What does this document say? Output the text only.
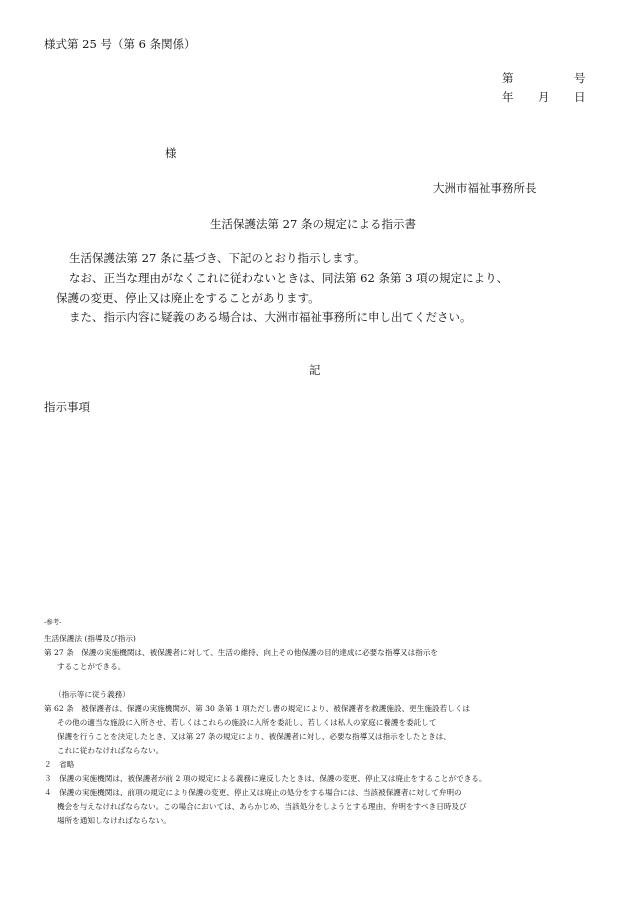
様式第 25 号（第 6 条関係）
第	号
年 月 日
様
大洲市福祉事務所長
生活保護法第 27 条の規定による指示書
生活保護法第 27 条に基づき、下記のとおり指示します。
なお、正当な理由がなくこれに従わないときは、同法第 62 条第 3 項の規定により、
保護の変更、停止又は廃止をすることがあります。
また、指示内容に疑義のある場合は、大洲市福祉事務所に申し出てください。
記
指示事項
-参考-
生活保護法 (指導及び指示)
第 27 条　保護の実施機関は、被保護者に対して、生活の維持、向上その他保護の目的達成に必要な指導又は指示を
することができる。
（指示等に従う義務）
第 62 条　被保護者は、保護の実施機関が、第 30 条第 1 項ただし書の規定により、被保護者を救護施設、更生施設若しくは
その他の適当な施設に入所させ、若しくはこれらの施設に入所を委託し、若しくは私人の家庭に養護を委託して
保護を行うことを決定したとき、又は第 27 条の規定により、被保護者に対し、必要な指導又は指示をしたときは、
これに従わなければならない。
２　省略
３　保護の実施機関は、被保護者が前 2 項の規定による義務に違反したときは、保護の変更、停止又は廃止をすることができる。
４　保護の実施機関は、前項の規定により保護の変更、停止又は廃止の処分をする場合には、当該被保護者に対して弁明の
機会を与えなければならない。この場合においては、あらかじめ、当該処分をしようとする理由、弁明をすべき日時及び
場所を通知しなければならない。
